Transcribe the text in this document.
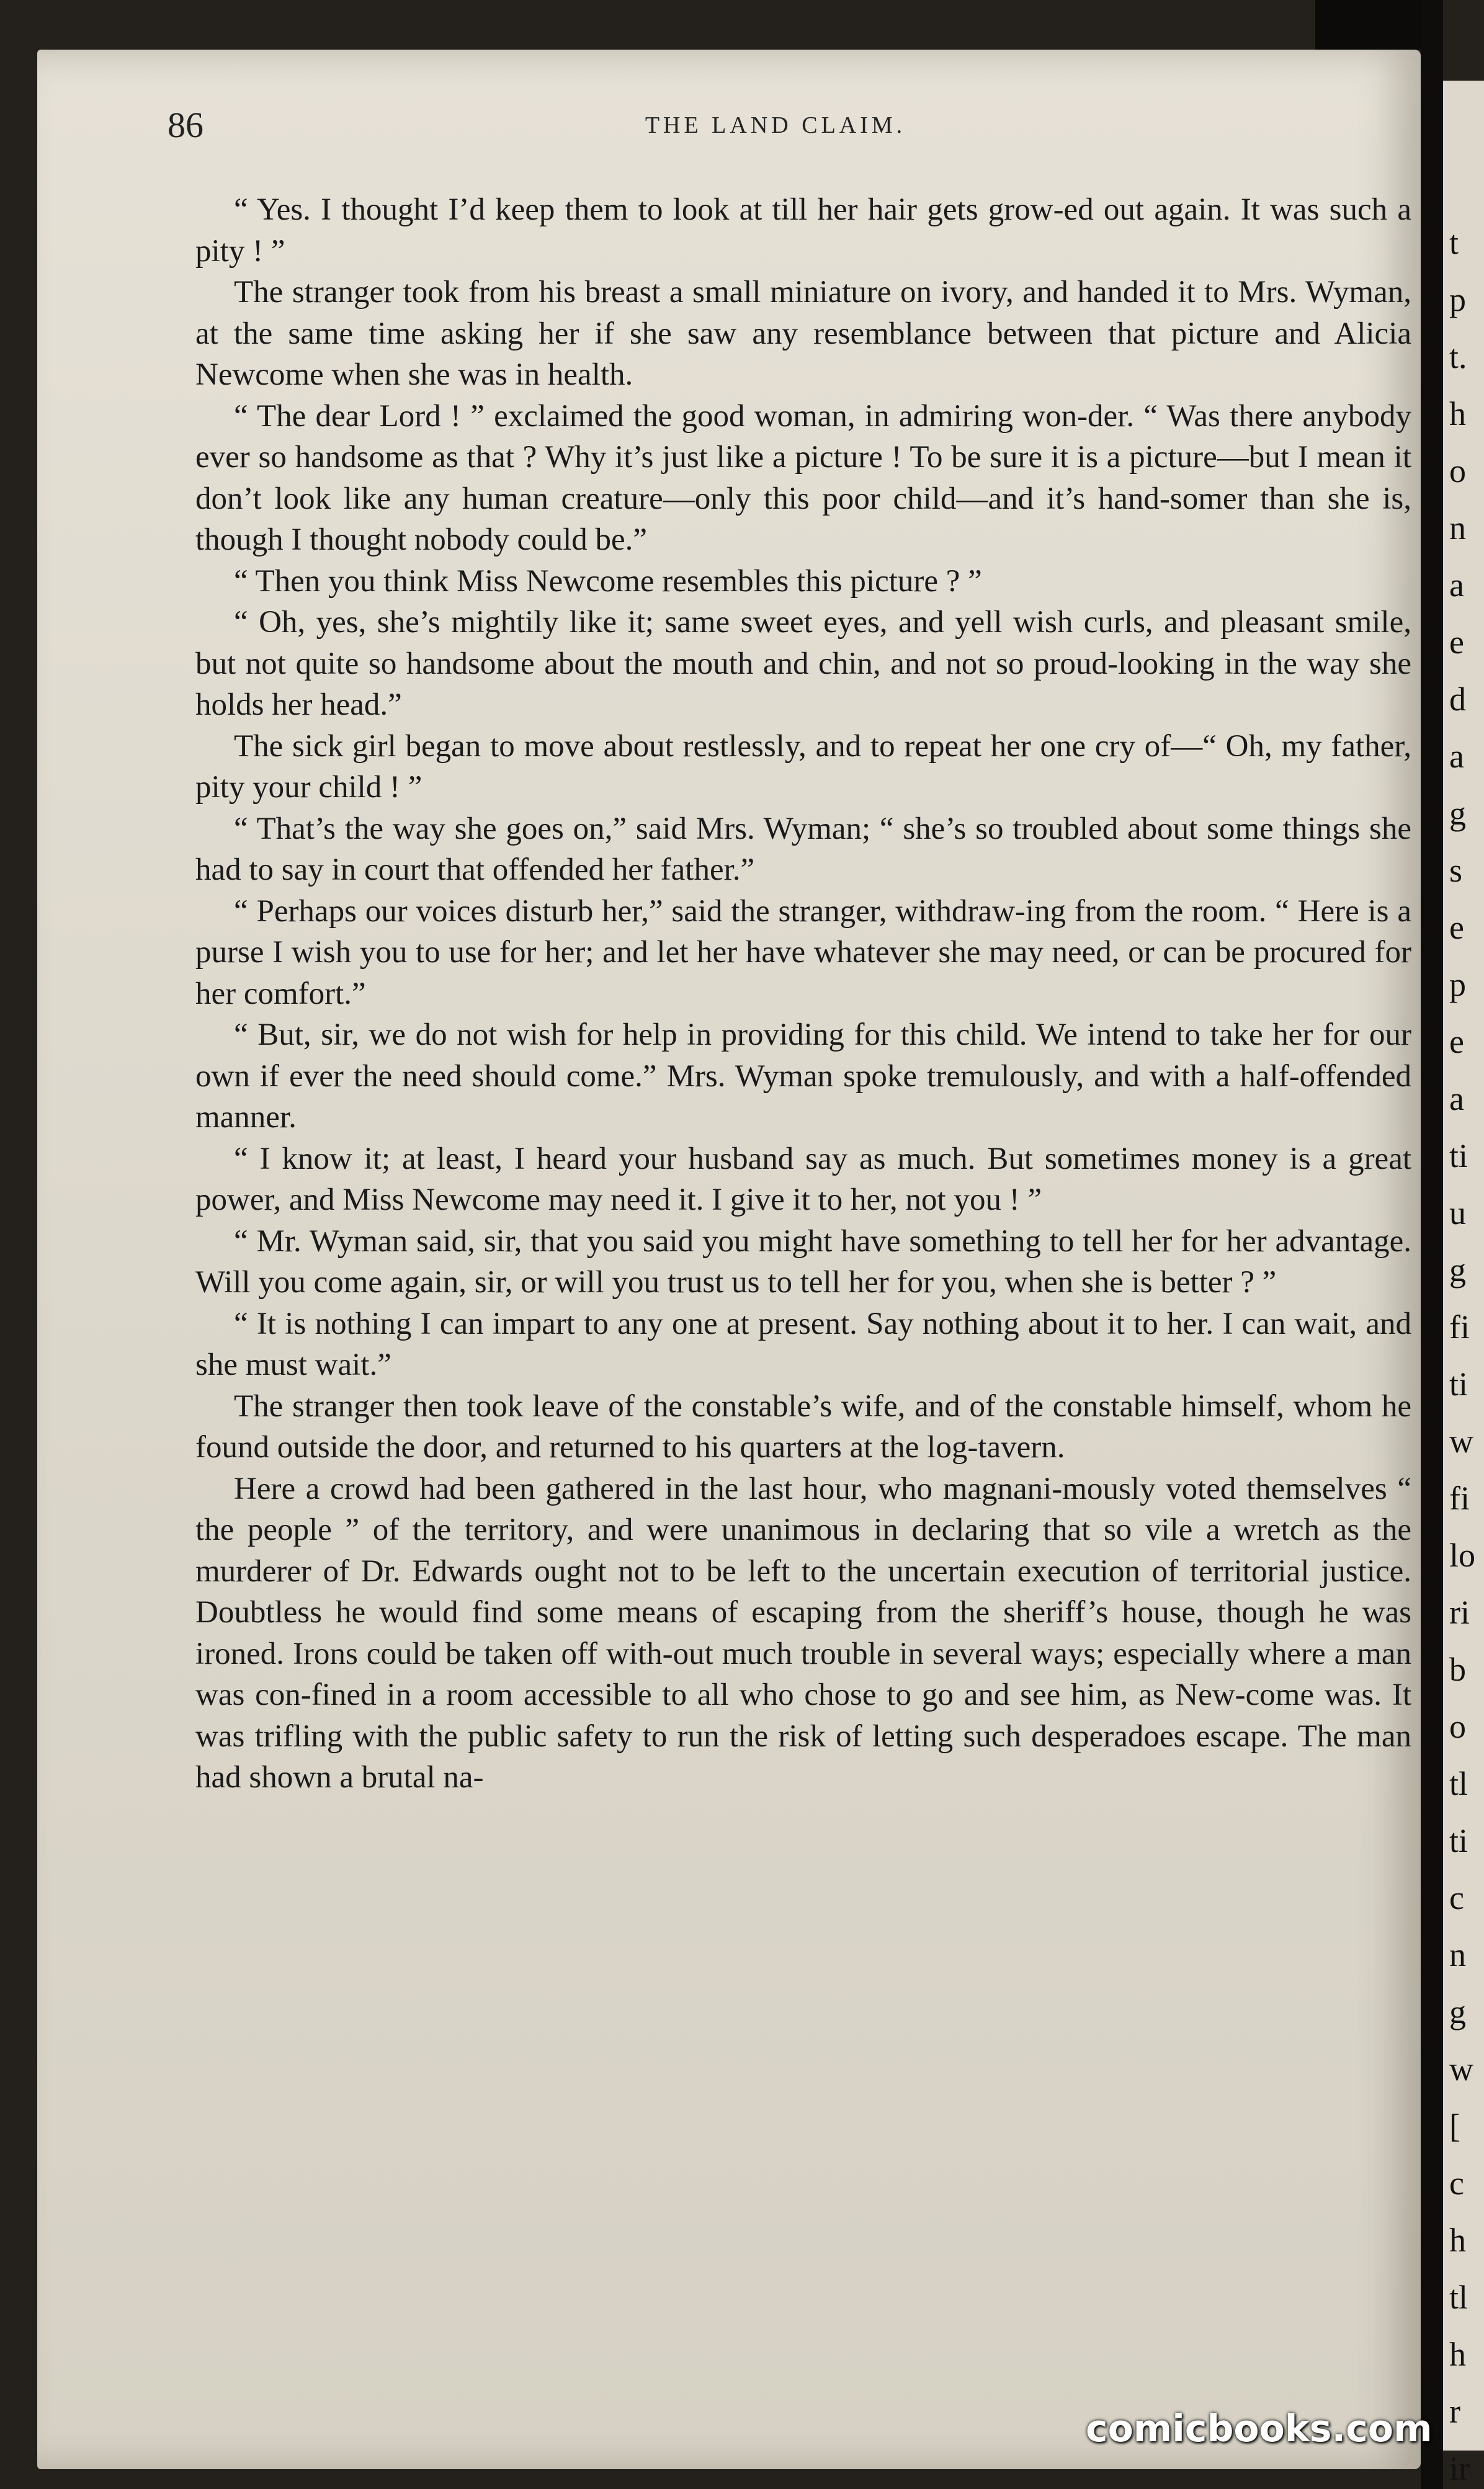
86	THE LAND CLAIM.

“ Yes. I thought I’d keep them to look at till her hair gets grow-ed out again. It was such a pity ! ”

The stranger took from his breast a small miniature on ivory, and handed it to Mrs. Wyman, at the same time asking her if she saw any resemblance between that picture and Alicia Newcome when she was in health.

“ The dear Lord ! ” exclaimed the good woman, in admiring won-der. “ Was there anybody ever so handsome as that ? Why it’s just like a picture ! To be sure it is a picture—but I mean it don’t look like any human creature—only this poor child—and it’s hand-somer than she is, though I thought nobody could be.”

“ Then you think Miss Newcome resembles this picture ? ”

“ Oh, yes, she’s mightily like it; same sweet eyes, and yell wish curls, and pleasant smile, but not quite so handsome about the mouth and chin, and not so proud-looking in the way she holds her head.”

The sick girl began to move about restlessly, and to repeat her one cry of—“ Oh, my father, pity your child ! ”

“ That’s the way she goes on,” said Mrs. Wyman; “ she’s so troubled about some things she had to say in court that offended her father.”

“ Perhaps our voices disturb her,” said the stranger, withdraw-ing from the room. “ Here is a purse I wish you to use for her; and let her have whatever she may need, or can be procured for her comfort.”

“ But, sir, we do not wish for help in providing for this child. We intend to take her for our own if ever the need should come.” Mrs. Wyman spoke tremulously, and with a half-offended manner.

“ I know it; at least, I heard your husband say as much. But sometimes money is a great power, and Miss Newcome may need it. I give it to her, not you ! ”

“ Mr. Wyman said, sir, that you said you might have something to tell her for her advantage. Will you come again, sir, or will you trust us to tell her for you, when she is better ? ”

“ It is nothing I can impart to any one at present. Say nothing about it to her. I can wait, and she must wait.”

The stranger then took leave of the constable’s wife, and of the constable himself, whom he found outside the door, and returned to his quarters at the log-tavern.

Here a crowd had been gathered in the last hour, who magnani-mously voted themselves “ the people ” of the territory, and were unanimous in declaring that so vile a wretch as the murderer of Dr. Edwards ought not to be left to the uncertain execution of territorial justice. Doubtless he would find some means of escaping from the sheriff’s house, though he was ironed. Irons could be taken off with-out much trouble in several ways; especially where a man was con-fined in a room accessible to all who chose to go and see him, as New-come was. It was trifling with the public safety to run the risk of letting such desperadoes escape. The man had shown a brutal na-

t
p
t.
h
o
n
a
e
d
a
g
s
e
p
e
a
ti
u
g
fi
ti
w
fi
lo
ri
b
o
tl
ti
c
n
g
w
[
c
h
tl
h
r
ir
comicbooks.com
